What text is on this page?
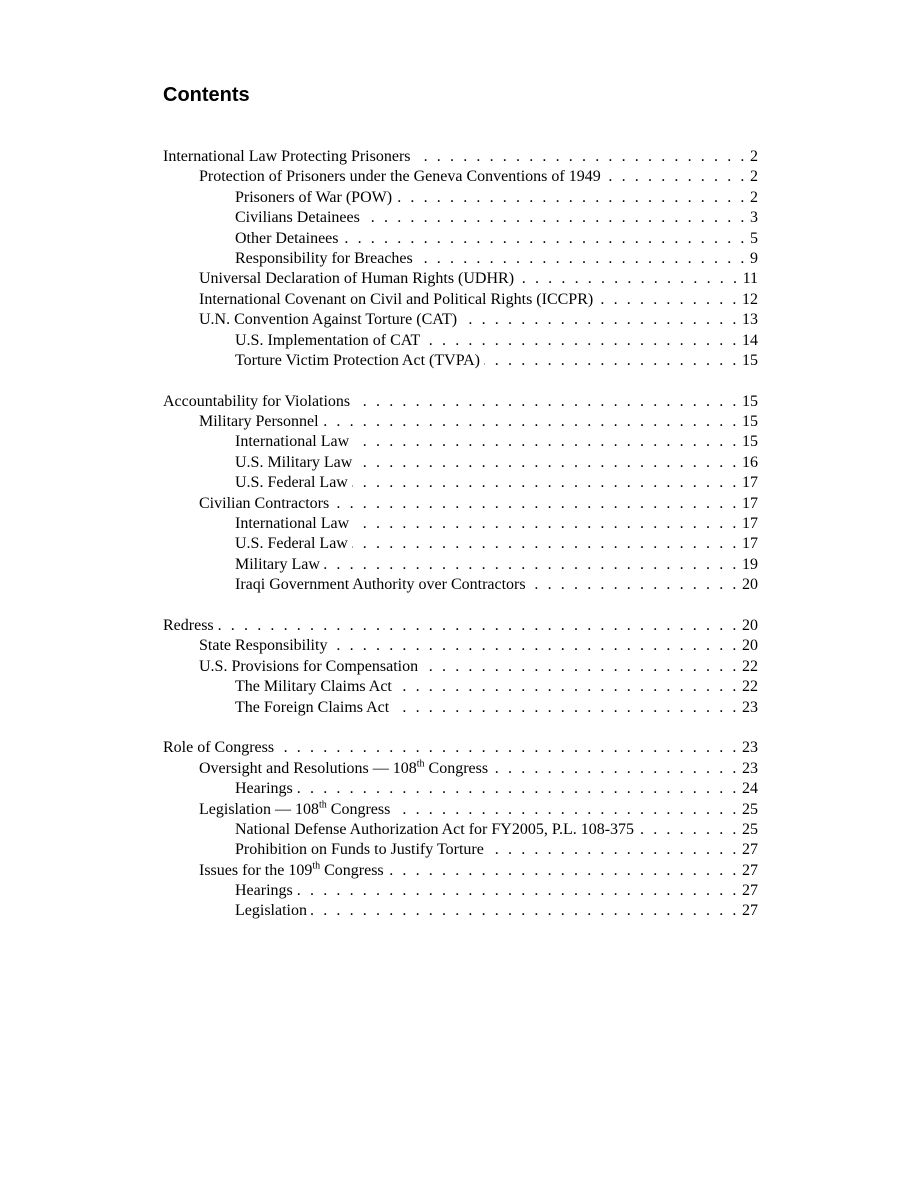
Contents
International Law Protecting Prisoners . . .	2
Protection of Prisoners under the Geneva Conventions of 1949 . . .	2
Prisoners of War (POW) . . .	2
Civilians Detainees . . .	3
Other Detainees . . .	5
Responsibility for Breaches . . .	9
Universal Declaration of Human Rights (UDHR) . . .	11
International Covenant on Civil and Political Rights (ICCPR) . . .	12
U.N. Convention Against Torture (CAT) . . .	13
U.S. Implementation of CAT . . .	14
Torture Victim Protection Act (TVPA) . . .	15
Accountability for Violations . . .	15
Military Personnel . . .	15
International Law . . .	15
U.S. Military Law . . .	16
U.S. Federal Law . . .	17
Civilian Contractors . . .	17
International Law . . .	17
U.S. Federal Law . . .	17
Military Law . . .	19
Iraqi Government Authority over Contractors . . .	20
Redress . . .	20
State Responsibility . . .	20
U.S. Provisions for Compensation . . .	22
The Military Claims Act . . .	22
The Foreign Claims Act . . .	23
Role of Congress . . .	23
Oversight and Resolutions — 108th Congress . . .	23
Hearings . . .	24
Legislation — 108th Congress . . .	25
National Defense Authorization Act for FY2005, P.L. 108-375 . . .	25
Prohibition on Funds to Justify Torture . . .	27
Issues for the 109th Congress . . .	27
Hearings . . .	27
Legislation . . .	27
